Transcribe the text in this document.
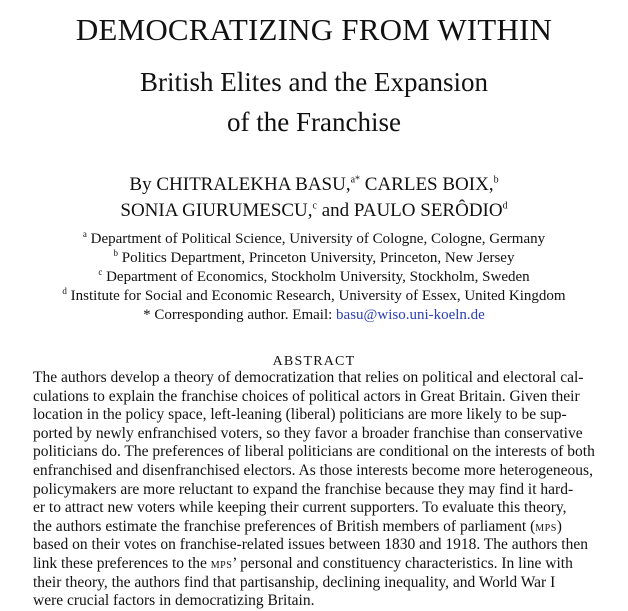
DEMOCRATIZING FROM WITHIN
British Elites and the Expansion
of the Franchise
By CHITRALEKHA BASU,$^{a*}$ CARLES BOIX,$^b$
SONIA GIURUMESCU,$^c$ and PAULO SERÔDIO$^d$
$^a$ Department of Political Science, University of Cologne, Cologne, Germany
$^b$ Politics Department, Princeton University, Princeton, New Jersey
$^c$ Department of Economics, Stockholm University, Stockholm, Sweden
$^d$ Institute for Social and Economic Research, University of Essex, United Kingdom
* Corresponding author. Email: basu@wiso.uni-koeln.de
ABSTRACT
The authors develop a theory of democratization that relies on political and electoral cal-
culations to explain the franchise choices of political actors in Great Britain. Given their
location in the policy space, left-leaning (liberal) politicians are more likely to be sup-
ported by newly enfranchised voters, so they favor a broader franchise than conservative
politicians do. The preferences of liberal politicians are conditional on the interests of both
enfranchised and disenfranchised electors. As those interests become more heterogeneous,
policymakers are more reluctant to expand the franchise because they may find it hard-
er to attract new voters while keeping their current supporters. To evaluate this theory,
the authors estimate the franchise preferences of British members of parliament (mps)
based on their votes on franchise-related issues between 1830 and 1918. The authors then
link these preferences to the mps’ personal and constituency characteristics. In line with
their theory, the authors find that partisanship, declining inequality, and World War I
were crucial factors in democratizing Britain.
